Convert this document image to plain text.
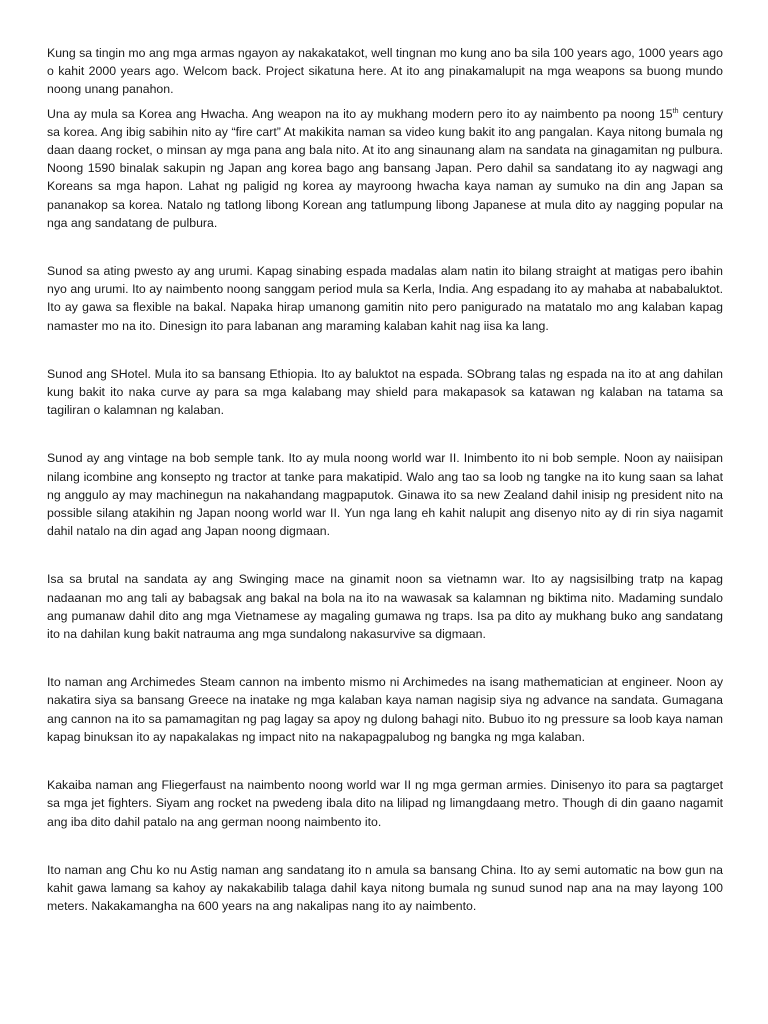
Kung sa tingin mo ang mga armas ngayon ay nakakatakot, well tingnan mo kung ano ba sila 100 years ago, 1000 years ago o kahit 2000 years ago. Welcom back. Project sikatuna here. At ito ang pinakamalupit na mga weapons sa buong mundo noong unang panahon.

Una ay mula sa Korea ang Hwacha. Ang weapon na ito ay mukhang modern pero ito ay naimbento pa noong 15th century sa korea. Ang ibig sabihin nito ay “fire cart” At makikita naman sa video kung bakit ito ang pangalan. Kaya nitong bumala ng daan daang rocket, o minsan ay mga pana ang bala nito. At ito ang sinaunang alam na sandata na ginagamitan ng pulbura. Noong 1590 binalak sakupin ng Japan ang korea bago ang bansang Japan. Pero dahil sa sandatang ito ay nagwagi ang Koreans sa mga hapon. Lahat ng paligid ng korea ay mayroong hwacha kaya naman ay sumuko na din ang Japan sa pananakop sa korea. Natalo ng tatlong libong Korean ang tatlumpung libong Japanese at mula dito ay nagging popular na nga ang sandatang de pulbura.

Sunod sa ating pwesto ay ang urumi. Kapag sinabing espada madalas alam natin ito bilang straight at matigas pero ibahin nyo ang urumi. Ito ay naimbento noong sanggam period mula sa Kerla, India. Ang espadang ito ay mahaba at nababaluktot. Ito ay gawa sa flexible na bakal. Napaka hirap umanong gamitin nito pero panigurado na matatalo mo ang kalaban kapag namaster mo na ito. Dinesign ito para labanan ang maraming kalaban kahit nag iisa ka lang.

Sunod ang SHotel. Mula ito sa bansang Ethiopia. Ito ay baluktot na espada. SObrang talas ng espada na ito at ang dahilan kung bakit ito naka curve ay para sa mga kalabang may shield para makapasok sa katawan ng kalaban na tatama sa tagiliran o kalamnan ng kalaban.

Sunod ay ang vintage na bob semple tank. Ito ay mula noong world war II. Inimbento ito ni bob semple. Noon ay naiisipan nilang icombine ang konsepto ng tractor at tanke para makatipid. Walo ang tao sa loob ng tangke na ito kung saan sa lahat ng anggulo ay may machinegun na nakahandang magpaputok. Ginawa ito sa new Zealand dahil inisip ng president nito na possible silang atakihin ng Japan noong world war II. Yun nga lang eh kahit nalupit ang disenyo nito ay di rin siya nagamit dahil natalo na din agad ang Japan noong digmaan.

Isa sa brutal na sandata ay ang Swinging mace na ginamit noon sa vietnamn war. Ito ay nagsisilbing tratp na kapag nadaanan mo ang tali ay babagsak ang bakal na bola na ito na wawasak sa kalamnan ng biktima nito. Madaming sundalo ang pumanaw dahil dito ang mga Vietnamese ay magaling gumawa ng traps. Isa pa dito ay mukhang buko ang sandatang ito na dahilan kung bakit natrauma ang mga sundalong nakasurvive sa digmaan.

Ito naman ang Archimedes Steam cannon na imbento mismo ni Archimedes na isang mathematician at engineer. Noon ay nakatira siya sa bansang Greece na inatake ng mga kalaban kaya naman nagisip siya ng advance na sandata. Gumagana ang cannon na ito sa pamamagitan ng pag lagay sa apoy ng dulong bahagi nito. Bubuo ito ng pressure sa loob kaya naman kapag binuksan ito ay napakalakas ng impact nito na nakapagpalubog ng bangka ng mga kalaban.

Kakaiba naman ang Fliegerfaust na naimbento noong world war II ng mga german armies. Dinisenyo ito para sa pagtarget sa mga jet fighters. Siyam ang rocket na pwedeng ibala dito na lilipad ng limangdaang metro. Though di din gaano nagamit ang iba dito dahil patalo na ang german noong naimbento ito.

Ito naman ang Chu ko nu Astig naman ang sandatang ito n amula sa bansang China. Ito ay semi automatic na bow gun na kahit gawa lamang sa kahoy ay nakakabilib talaga dahil kaya nitong bumala ng sunud sunod nap ana na may layong 100 meters. Nakakamangha na 600 years na ang nakalipas nang ito ay naimbento.
